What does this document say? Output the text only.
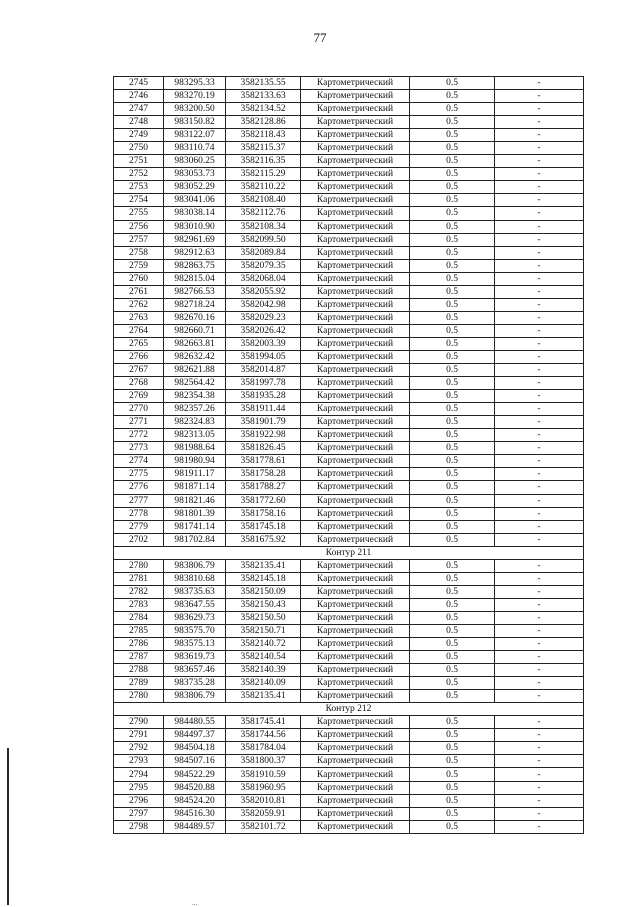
77
2745	983295.33	3582135.55	Картометрический	0.5	-
2746	983270.19	3582133.63	Картометрический	0.5	-
2747	983200.50	3582134.52	Картометрический	0.5	-
2748	983150.82	3582128.86	Картометрический	0.5	-
2749	983122.07	3582118.43	Картометрический	0.5	-
2750	983110.74	3582115.37	Картометрический	0.5	-
2751	983060.25	3582116.35	Картометрический	0.5	-
2752	983053.73	3582115.29	Картометрический	0.5	-
2753	983052.29	3582110.22	Картометрический	0.5	-
2754	983041.06	3582108.40	Картометрический	0.5	-
2755	983038.14	3582112.76	Картометрический	0.5	-
2756	983010.90	3582108.34	Картометрический	0.5	-
2757	982961.69	3582099.50	Картометрический	0.5	-
2758	982912.63	3582089.84	Картометрический	0.5	-
2759	982863.75	3582079.35	Картометрический	0.5	-
2760	982815.04	3582068.04	Картометрический	0.5	-
2761	982766.53	3582055.92	Картометрический	0.5	-
2762	982718.24	3582042.98	Картометрический	0.5	-
2763	982670.16	3582029.23	Картометрический	0.5	-
2764	982660.71	3582026.42	Картометрический	0.5	-
2765	982663.81	3582003.39	Картометрический	0.5	-
2766	982632.42	3581994.05	Картометрический	0.5	-
2767	982621.88	3582014.87	Картометрический	0.5	-
2768	982564.42	3581997.78	Картометрический	0.5	-
2769	982354.38	3581935.28	Картометрический	0.5	-
2770	982357.26	3581911.44	Картометрический	0.5	-
2771	982324.83	3581901.79	Картометрический	0.5	-
2772	982313.05	3581922.98	Картометрический	0.5	-
2773	981988.64	3581826.45	Картометрический	0.5	-
2774	981980.94	3581778.61	Картометрический	0.5	-
2775	981911.17	3581758.28	Картометрический	0.5	-
2776	981871.14	3581788.27	Картометрический	0.5	-
2777	981821.46	3581772.60	Картометрический	0.5	-
2778	981801.39	3581758.16	Картометрический	0.5	-
2779	981741.14	3581745.18	Картометрический	0.5	-
2702	981702.84	3581675.92	Картометрический	0.5	-
Контур 211					
2780	983806.79	3582135.41	Картометрический	0.5	-
2781	983810.68	3582145.18	Картометрический	0.5	-
2782	983735.63	3582150.09	Картометрический	0.5	-
2783	983647.55	3582150.43	Картометрический	0.5	-
2784	983629.73	3582150.50	Картометрический	0.5	-
2785	983575.70	3582150.71	Картометрический	0.5	-
2786	983575.13	3582140.72	Картометрический	0.5	-
2787	983619.73	3582140.54	Картометрический	0.5	-
2788	983657.46	3582140.39	Картометрический	0.5	-
2789	983735.28	3582140.09	Картометрический	0.5	-
2780	983806.79	3582135.41	Картометрический	0.5	-
Контур 212					
2790	984480.55	3581745.41	Картометрический	0.5	-
2791	984497.37	3581744.56	Картометрический	0.5	-
2792	984504.18	3581784.04	Картометрический	0.5	-
2793	984507.16	3581800.37	Картометрический	0.5	-
2794	984522.29	3581910.59	Картометрический	0.5	-
2795	984520.88	3581960.95	Картометрический	0.5	-
2796	984524.20	3582010.81	Картометрический	0.5	-
2797	984516.30	3582059.91	Картометрический	0.5	-
2798	984489.57	3582101.72	Картометрический	0.5	-
...
